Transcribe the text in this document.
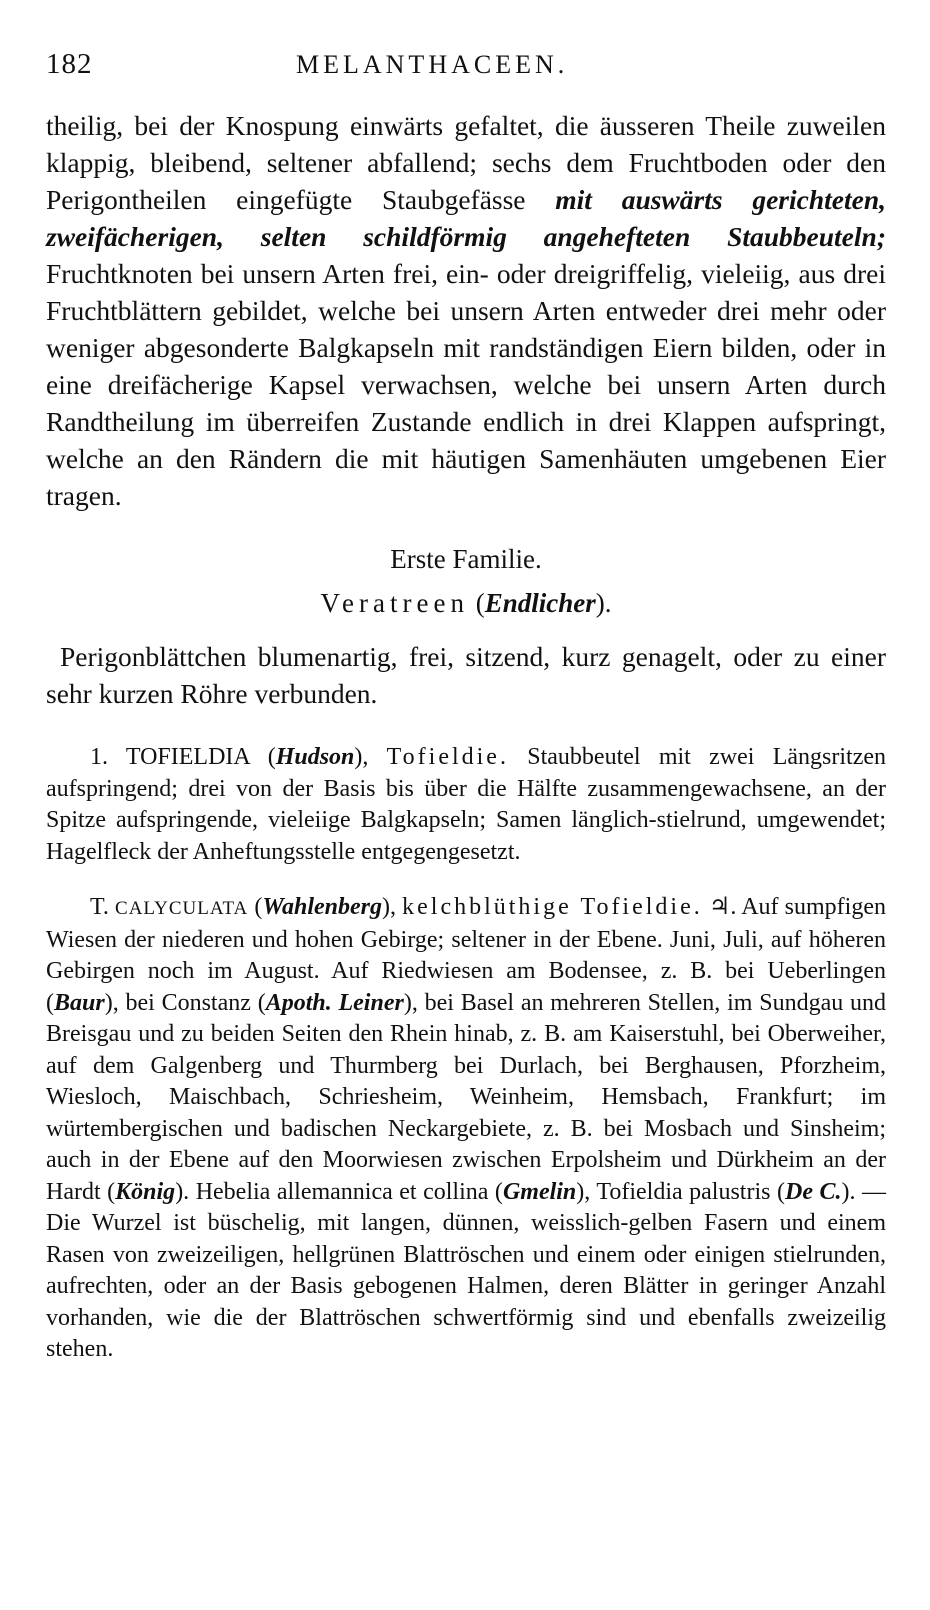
182	MELANTHACEEN.

theilig, bei der Knospung einwärts gefaltet, die äusseren Theile zuweilen klappig, bleibend, seltener abfallend; sechs dem Fruchtboden oder den Perigontheilen eingefügte Staubgefässe mit auswärts gerichteten, zweifächerigen, selten schildförmig angehefteten Staubbeuteln; Fruchtknoten bei unsern Arten frei, ein- oder dreigriffelig, vieleiig, aus drei Fruchtblättern gebildet, welche bei unsern Arten entweder drei mehr oder weniger abgesonderte Balgkapseln mit randständigen Eiern bilden, oder in eine dreifächerige Kapsel verwachsen, welche bei unsern Arten durch Randtheilung im überreifen Zustande endlich in drei Klappen aufspringt, welche an den Rändern die mit häutigen Samenhäuten umgebenen Eier tragen.

Erste Familie.
Veratreen (Endlicher).

Perigonblättchen blumenartig, frei, sitzend, kurz genagelt, oder zu einer sehr kurzen Röhre verbunden.

1. TOFIELDIA (Hudson), Tofieldie. Staubbeutel mit zwei Längsritzen aufspringend; drei von der Basis bis über die Hälfte zusammengewachsene, an der Spitze aufspringende, vieleiige Balgkapseln; Samen länglich-stielrund, umgewendet; Hagelfleck der Anheftungsstelle entgegengesetzt.

T. CALYCULATA (Wahlenberg), kelchblüthige Tofieldie. ♃. Auf sumpfigen Wiesen der niederen und hohen Gebirge; seltener in der Ebene. Juni, Juli, auf höheren Gebirgen noch im August. Auf Riedwiesen am Bodensee, z. B. bei Ueberlingen (Baur), bei Constanz (Apoth. Leiner), bei Basel an mehreren Stellen, im Sundgau und Breisgau und zu beiden Seiten den Rhein hinab, z. B. am Kaiserstuhl, bei Oberweiher, auf dem Galgenberg und Thurmberg bei Durlach, bei Berghausen, Pforzheim, Wiesloch, Maischbach, Schriesheim, Weinheim, Hemsbach, Frankfurt; im würtembergischen und badischen Neckargebiete, z. B. bei Mosbach und Sinsheim; auch in der Ebene auf den Moorwiesen zwischen Erpolsheim und Dürkheim an der Hardt (König). Hebelia allemannica et collina (Gmelin), Tofieldia palustris (De C.). — Die Wurzel ist büschelig, mit langen, dünnen, weisslich-gelben Fasern und einem Rasen von zweizeiligen, hellgrünen Blattröschen und einem oder einigen stielrunden, aufrechten, oder an der Basis gebogenen Halmen, deren Blätter in geringer Anzahl vorhanden, wie die der Blattröschen schwertförmig sind und ebenfalls zweizeilig stehen.
